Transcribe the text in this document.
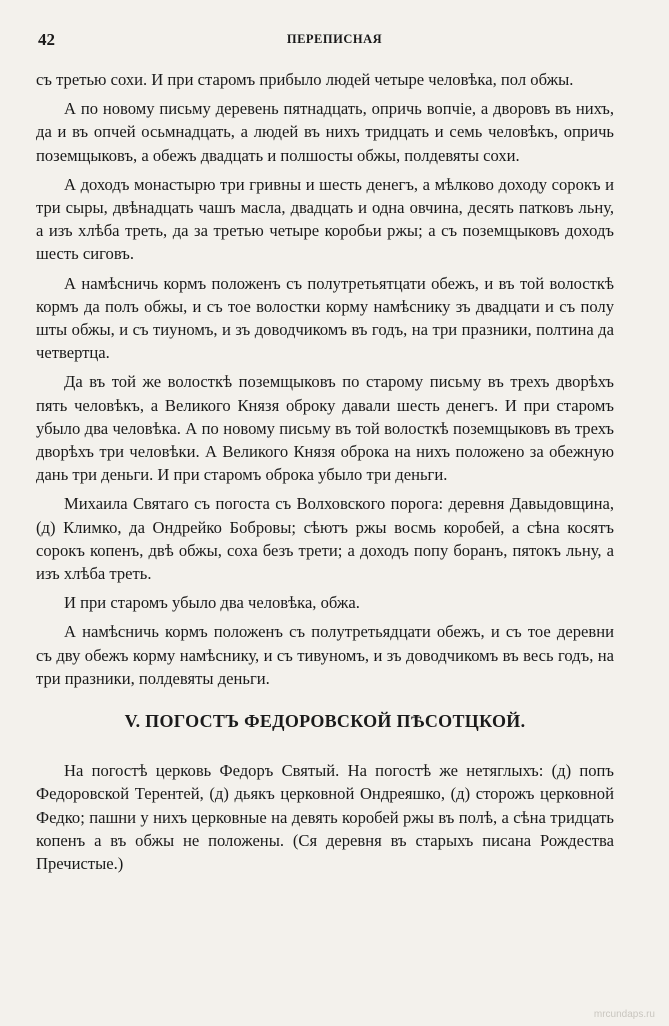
42	ПЕРЕПИСНАЯ

съ третью сохи. И при старомъ прибыло людей четыре человѣка, пол обжы.

А по новому письму деревень пятнадцать, опричь вопчіе, а дворовъ въ нихъ, да и въ опчей осьмнадцать, а людей въ нихъ тридцать и семь человѣкъ, опричь поземщыковъ, а обежъ двадцать и полшосты обжы, полдевяты сохи.

А доходъ монастырю три гривны и шесть денегъ, а мѣлково доходу сорокъ и три сыры, двѣнадцать чашъ масла, двадцать и одна овчина, десять патковъ льну, а изъ хлѣба треть, да за третью четыре коробьи ржы; а съ поземщыковъ доходъ шесть сиговъ.

А намѣсничь кормъ положенъ съ полутретьятцати обежъ, и въ той волосткѣ кормъ да полъ обжы, и съ тое волостки корму намѣснику зъ двадцати и съ полу шты обжы, и съ тиуномъ, и зъ доводчикомъ въ годъ, на три празники, полтина да четвертца.

Да въ той же волосткѣ поземщыковъ по старому письму въ трехъ дворѣхъ пять человѣкъ, а Великого Князя оброку давали шесть денегъ. И при старомъ убыло два человѣка. А по новому письму въ той волосткѣ поземщыковъ въ трехъ дворѣхъ три человѣки. А Великого Князя оброка на нихъ положено за обежную дань три деньги. И при старомъ оброка убыло три деньги.

Михаила Святаго съ погоста съ Волховского порога: деревня Давыдовщина, (д) Климко, да Ондрейко Бобровы; сѣютъ ржы восмь коробей, а сѣна косятъ сорокъ копенъ, двѣ обжы, соха безъ трети; а доходъ попу боранъ, пятокъ льну, а изъ хлѣба треть.

И при старомъ убыло два человѣка, обжа.

А намѣсничь кормъ положенъ съ полутретьядцати обежъ, и съ тое деревни съ дву обежъ корму намѣснику, и съ тивуномъ, и зъ доводчикомъ въ весь годъ, на три празники, полдевяты деньги.

V. ПОГОСТЪ ФЕДОРОВСКОЙ ПѢСОТЦКОЙ.

На погостѣ церковь Федоръ Святый. На погостѣ же нетяглыхъ: (д) попъ Федоровской Терентей, (д) дьякъ церковной Ондреяшко, (д) сторожъ церковной Федко; пашни у нихъ церковные на девять коробей ржы въ полѣ, а сѣна тридцать копенъ а въ обжы не положены. (Ся деревня въ старыхъ писана Рождества Пречистые.)

mrcundaps.ru
